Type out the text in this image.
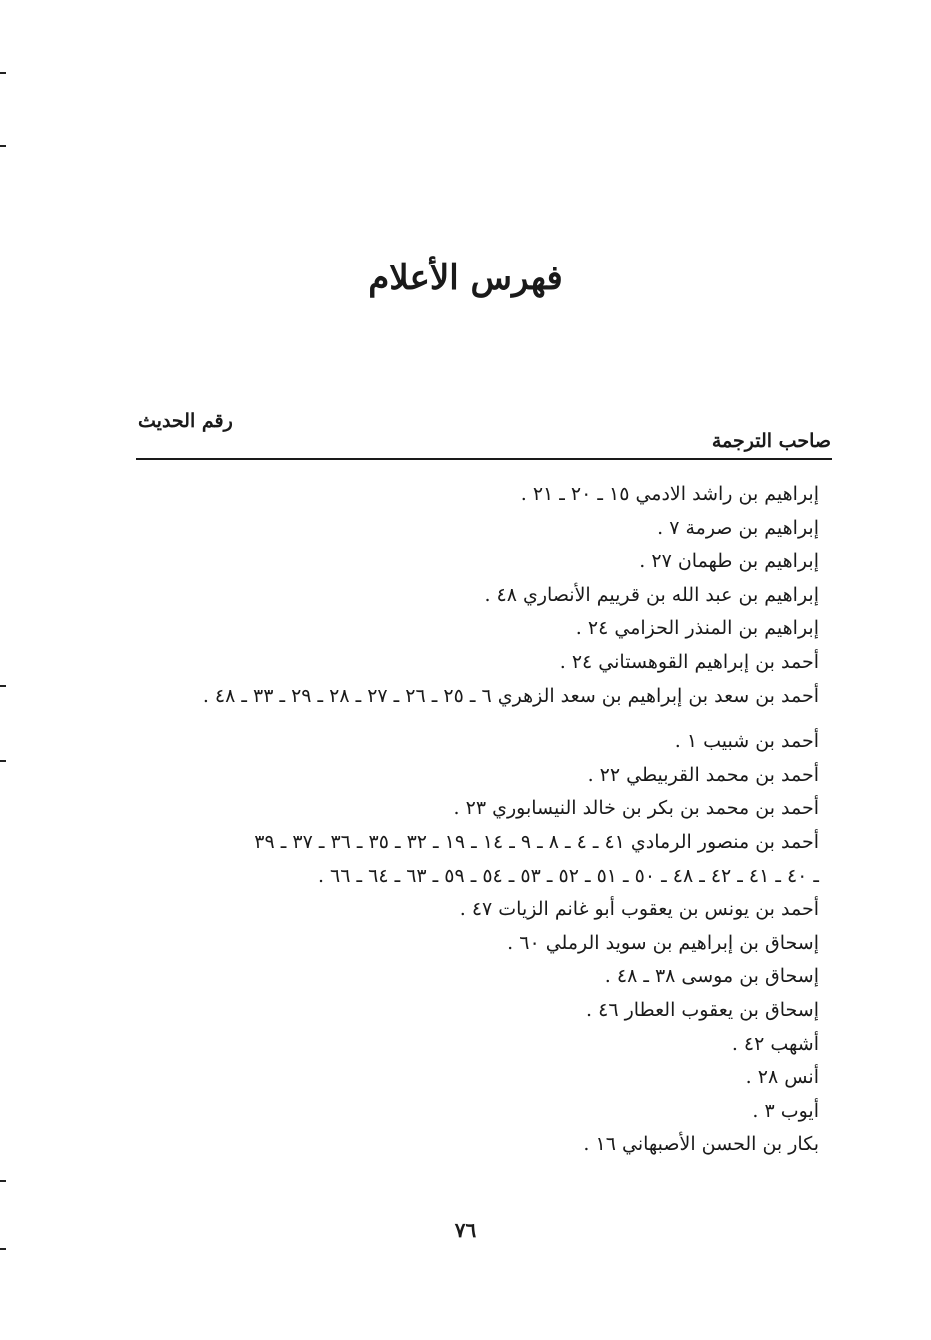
فهرس الأعلام
صاحب الترجمة
رقم الحديث
إبراهيم بن راشد الادمي ١٥ ـ ٢٠ ـ ٢١ .
إبراهيم بن صرمة ٧ .
إبراهيم بن طهمان ٢٧ .
إبراهيم بن عبد الله بن قرييم الأنصاري ٤٨ .
إبراهيم بن المنذر الحزامي ٢٤ .
أحمد بن إبراهيم القوهستاني ٢٤ .
أحمد بن سعد بن إبراهيم بن سعد الزهري ٦ ـ ٢٥ ـ ٢٦ ـ ٢٧ ـ ٢٨ ـ ٢٩ ـ ٣٣ ـ ٤٨ .
أحمد بن شبيب ١ .
أحمد بن محمد القربيطي ٢٢ .
أحمد بن محمد بن بكر بن خالد النيسابوري ٢٣ .
أحمد بن منصور الرمادي ٤١ ـ ٤ ـ ٨ ـ ٩ ـ ١٤ ـ ١٩ ـ ٣٢ ـ ٣٥ ـ ٣٦ ـ ٣٧ ـ ٣٩
ـ ٤٠ ـ ٤١ ـ ٤٢ ـ ٤٨ ـ ٥٠ ـ ٥١ ـ ٥٢ ـ ٥٣ ـ ٥٤ ـ ٥٩ ـ ٦٣ ـ ٦٤ ـ ٦٦ .
أحمد بن يونس بن يعقوب أبو غانم الزيات ٤٧ .
إسحاق بن إبراهيم بن سويد الرملي ٦٠ .
إسحاق بن موسى ٣٨ ـ ٤٨ .
إسحاق بن يعقوب العطار ٤٦ .
أشهب ٤٢ .
أنس ٢٨ .
أيوب ٣ .
بكار بن الحسن الأصبهاني ١٦ .
٧٦
